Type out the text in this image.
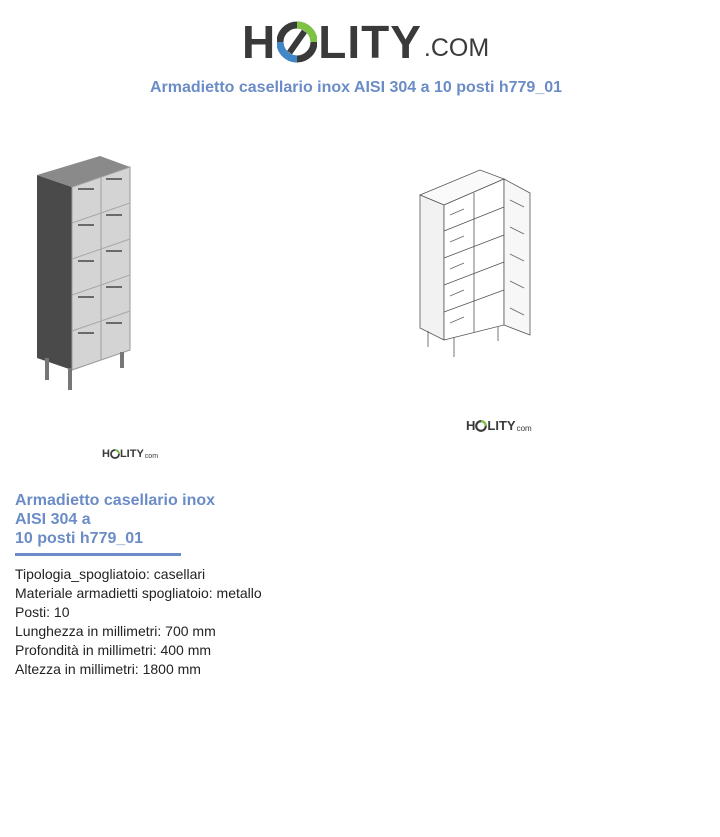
H LITY .COM
Armadietto casellario inox AISI 304 a 10 posti h779_01
H LITY com
H LITY com
Armadietto casellario inox
AISI 304 a
10 posti h779_01
Tipologia_spogliatoio: casellari
Materiale armadietti spogliatoio: metallo
Posti: 10
Lunghezza in millimetri: 700 mm
Profondità in millimetri: 400 mm
Altezza in millimetri: 1800 mm
